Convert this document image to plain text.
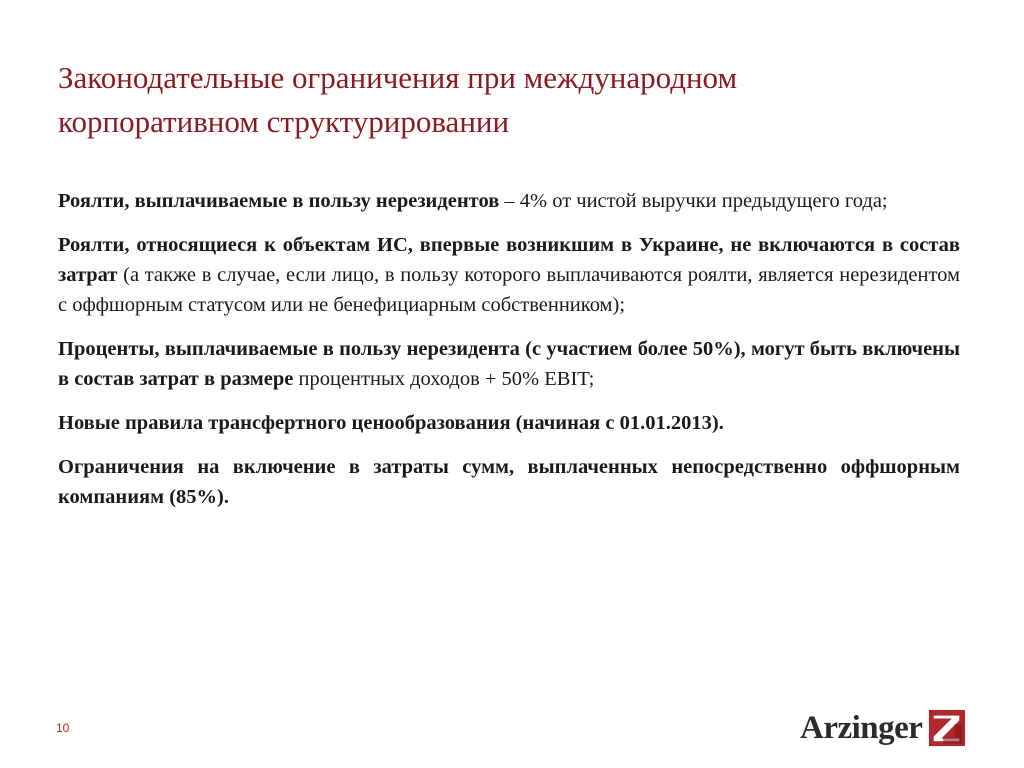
Законодательные ограничения при международном
корпоративном структурировании

Роялти, выплачиваемые в пользу нерезидентов – 4% от чистой выручки предыдущего года;

Роялти, относящиеся к объектам ИС, впервые возникшим в Украине, не включаются в состав затрат (а также в случае, если лицо, в пользу которого выплачиваются роялти, является нерезидентом с оффшорным статусом или не бенефициарным собственником);

Проценты, выплачиваемые в пользу нерезидента (с участием более 50%), могут быть включены в состав затрат в размере процентных доходов + 50% EBIT;

Новые правила трансфертного ценообразования (начиная с 01.01.2013).

Ограничения на включение в затраты сумм, выплаченных непосредственно оффшорным компаниям (85%).

10	Arzinger
